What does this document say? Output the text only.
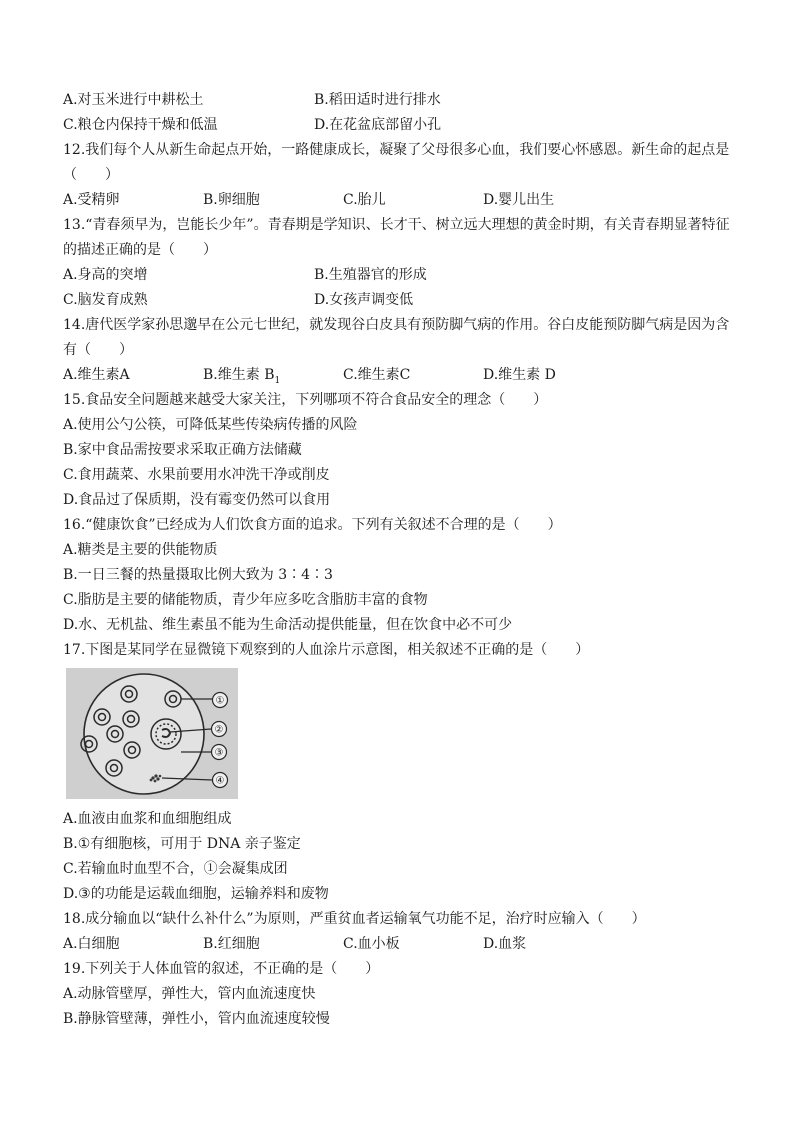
A.对玉米进行中耕松土	B.稻田适时进行排水
C.粮仓内保持干燥和低温	D.在花盆底部留小孔
12.我们每个人从新生命起点开始，一路健康成长，凝聚了父母很多心血，我们要心怀感恩。新生命的起点是
（　　）
A.受精卵	B.卵细胞	C.胎儿	D.婴儿出生
13.“青春须早为，岂能长少年”。青春期是学知识、长才干、树立远大理想的黄金时期，有关青春期显著特征
的描述正确的是（　　）
A.身高的突增	B.生殖器官的形成
C.脑发育成熟	D.女孩声调变低
14.唐代医学家孙思邈早在公元七世纪，就发现谷白皮具有预防脚气病的作用。谷白皮能预防脚气病是因为含
有（　　）
A.维生素A	B.维生素 $B_1$	C.维生素C	D.维生素 D
15.食品安全问题越来越受大家关注，下列哪项不符合食品安全的理念（　　）
A.使用公勺公筷，可降低某些传染病传播的风险
B.家中食品需按要求采取正确方法储藏
C.食用蔬菜、水果前要用水冲洗干净或削皮
D.食品过了保质期，没有霉变仍然可以食用
16.“健康饮食”已经成为人们饮食方面的追求。下列有关叙述不合理的是（　　）
A.糖类是主要的供能物质
B.一日三餐的热量摄取比例大致为 3∶4∶3
C.脂肪是主要的储能物质，青少年应多吃含脂肪丰富的食物
D.水、无机盐、维生素虽不能为生命活动提供能量，但在饮食中必不可少
17.下图是某同学在显微镜下观察到的人血涂片示意图，相关叙述不正确的是（　　）
①
②
③
④
A.血液由血浆和血细胞组成
B.①有细胞核，可用于 DNA 亲子鉴定
C.若输血时血型不合，①会凝集成团
D.③的功能是运载血细胞，运输养料和废物
18.成分输血以“缺什么补什么”为原则，严重贫血者运输氧气功能不足，治疗时应输入（　　）
A.白细胞	B.红细胞	C.血小板	D.血浆
19.下列关于人体血管的叙述，不正确的是（　　）
A.动脉管壁厚，弹性大，管内血流速度快
B.静脉管壁薄，弹性小，管内血流速度较慢
